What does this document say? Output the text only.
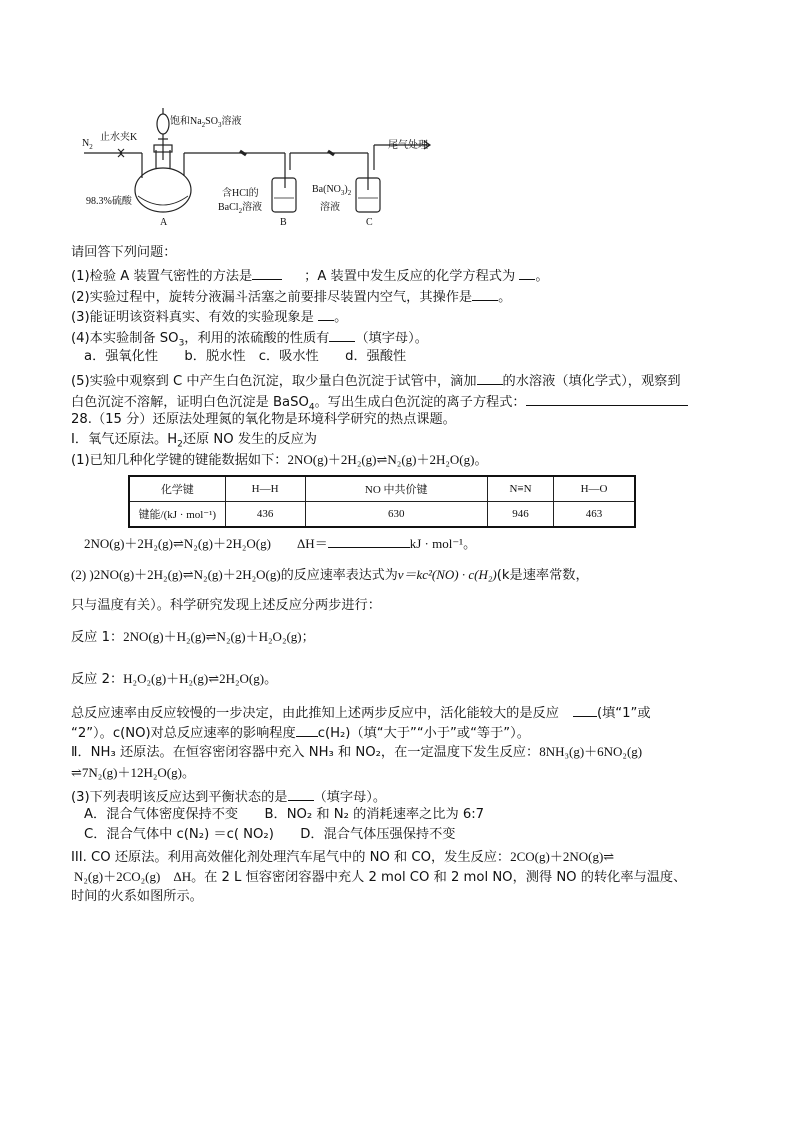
$N_2$
止水夹K
饱和$Na_2SO_3$溶液
尾气处理
98.3%硫酸
含HCl的
BaCl$_2$溶液
$Ba(NO_3)_2$
溶液
A	B	C
请回答下列问题：
(1)检验 A 装置气密性的方法是	；A 装置中发生反应的化学方程式为 。
(2)实验过程中，旋转分液漏斗活塞之前要排尽装置内空气，其操作是 。
(3)能证明该资料真实、有效的实验现象是 。
(4)本实验制备 $SO_3$，利用的浓硫酸的性质有 （填字母）。
a．强氧化性　　b．脱水性　c．吸水性　　d．强酸性
(5)实验中观察到 C 中产生白色沉淀，取少量白色沉淀于试管中，滴加 的水溶液（填化学式），观察到
白色沉淀不溶解，证明白色沉淀是 BaSO$_4$。写出生成白色沉淀的离子方程式：
28.（15 分）还原法处理氮的氧化物是环境科学研究的热点课题。
I．氧气还原法。$H_2$还原 NO 发生的反应为
(1)已知几种化学键的键能数据如下：2NO(g)＋2H₂(g)⇌N₂(g)＋2H₂O(g)。
化学键	H—H	NO 中共价键	N≡N	H—O
键能/(kJ · mol⁻¹)	436	630	946	463
2NO(g)＋2H₂(g)⇌N₂(g)＋2H₂O(g)　　ΔH＝	kJ · mol⁻¹。
(2) )2NO(g)＋2H₂(g)⇌N₂(g)＋2H₂O(g)的反应速率表达式为v＝kc²(NO) · c(H₂)(k是速率常数，
只与温度有关）。科学研究发现上述反应分两步进行：
反应 1：2NO(g)＋H₂(g)⇌N₂(g)＋H₂O₂(g)；
反应 2：H₂O₂(g)＋H₂(g)⇌2H₂O(g)。
总反应速率由反应较慢的一步决定，由此推知上述两步反应中，活化能较大的是反应	(填“1”或
“2”）。c(NO)对总反应速率的影响程度 c(H₂)（填“大于”“小于”或“等于”）。
Ⅱ．NH₃ 还原法。在恒容密闭容器中充入 NH₃ 和 NO₂，在一定温度下发生反应：8NH₃(g)＋6NO₂(g)
⇌7N₂(g)＋12H₂O(g)。
(3)下列表明该反应达到平衡状态的是 （填字母）。
A．混合气体密度保持不变　　B．NO₂ 和 N₂ 的消耗速率之比为 6:7
C．混合气体中 c(N₂) ＝c( NO₂)　　D．混合气体压强保持不变
III. CO 还原法。利用高效催化剂处理汽车尾气中的 NO 和 CO，发生反应：2CO(g)＋2NO(g)⇌
N₂(g)＋2CO₂(g)　ΔH。在 2 L 恒容密闭容器中充人 2 mol CO 和 2 mol NO，测得 NO 的转化率与温度、
时间的火系如图所示。
